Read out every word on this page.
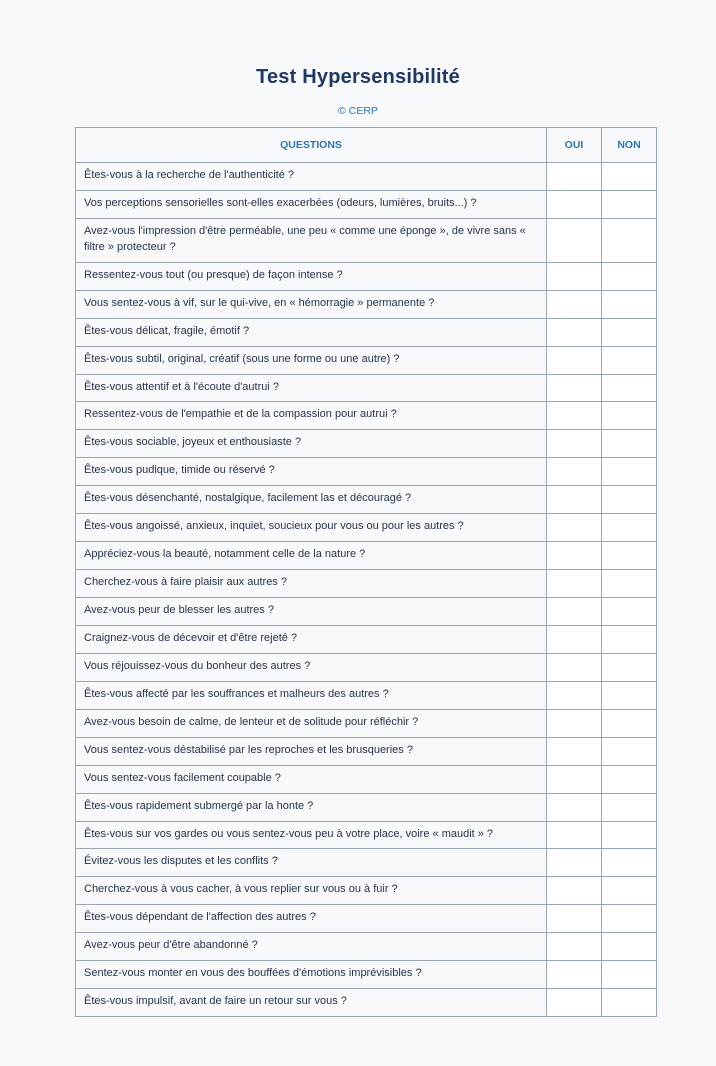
Test Hypersensibilité
© CERP
QUESTIONS	OUI	NON
Êtes-vous à la recherche de l'authenticité ?		
Vos perceptions sensorielles sont-elles exacerbées (odeurs, lumières, bruits...) ?		
Avez-vous l'impression d'être perméable, une peu « comme une éponge », de vivre sans « filtre » protecteur ?		
Ressentez-vous tout (ou presque) de façon intense ?		
Vous sentez-vous à vif, sur le qui-vive, en « hémorragie » permanente ?		
Êtes-vous délicat, fragile, émotif ?		
Êtes-vous subtil, original, créatif (sous une forme ou une autre) ?		
Êtes-vous attentif et à l'écoute d'autrui ?		
Ressentez-vous de l'empathie et de la compassion pour autrui ?		
Êtes-vous sociable, joyeux et enthousiaste ?		
Êtes-vous pudique, timide ou réservé ?		
Êtes-vous désenchanté, nostalgique, facilement las et découragé ?		
Êtes-vous angoissé, anxieux, inquiet, soucieux pour vous ou pour les autres ?		
Appréciez-vous la beauté, notamment celle de la nature ?		
Cherchez-vous à faire plaisir aux autres ?		
Avez-vous peur de blesser les autres ?		
Craignez-vous de décevoir et d'être rejeté ?		
Vous réjouissez-vous du bonheur des autres ?		
Êtes-vous affecté par les souffrances et malheurs des autres ?		
Avez-vous besoin de calme, de lenteur et de solitude pour réfléchir ?		
Vous sentez-vous déstabilisé par les reproches et les brusqueries ?		
Vous sentez-vous facilement coupable ?		
Êtes-vous rapidement submergé par la honte ?		
Êtes-vous sur vos gardes ou vous sentez-vous peu à votre place, voire « maudit » ?		
Évitez-vous les disputes et les conflits ?		
Cherchez-vous à vous cacher, à vous replier sur vous ou à fuir ?		
Êtes-vous dépendant de l'affection des autres ?		
Avez-vous peur d'être abandonné ?		
Sentez-vous monter en vous des bouffées d'émotions imprévisibles ?		
Êtes-vous impulsif, avant de faire un retour sur vous ?		
